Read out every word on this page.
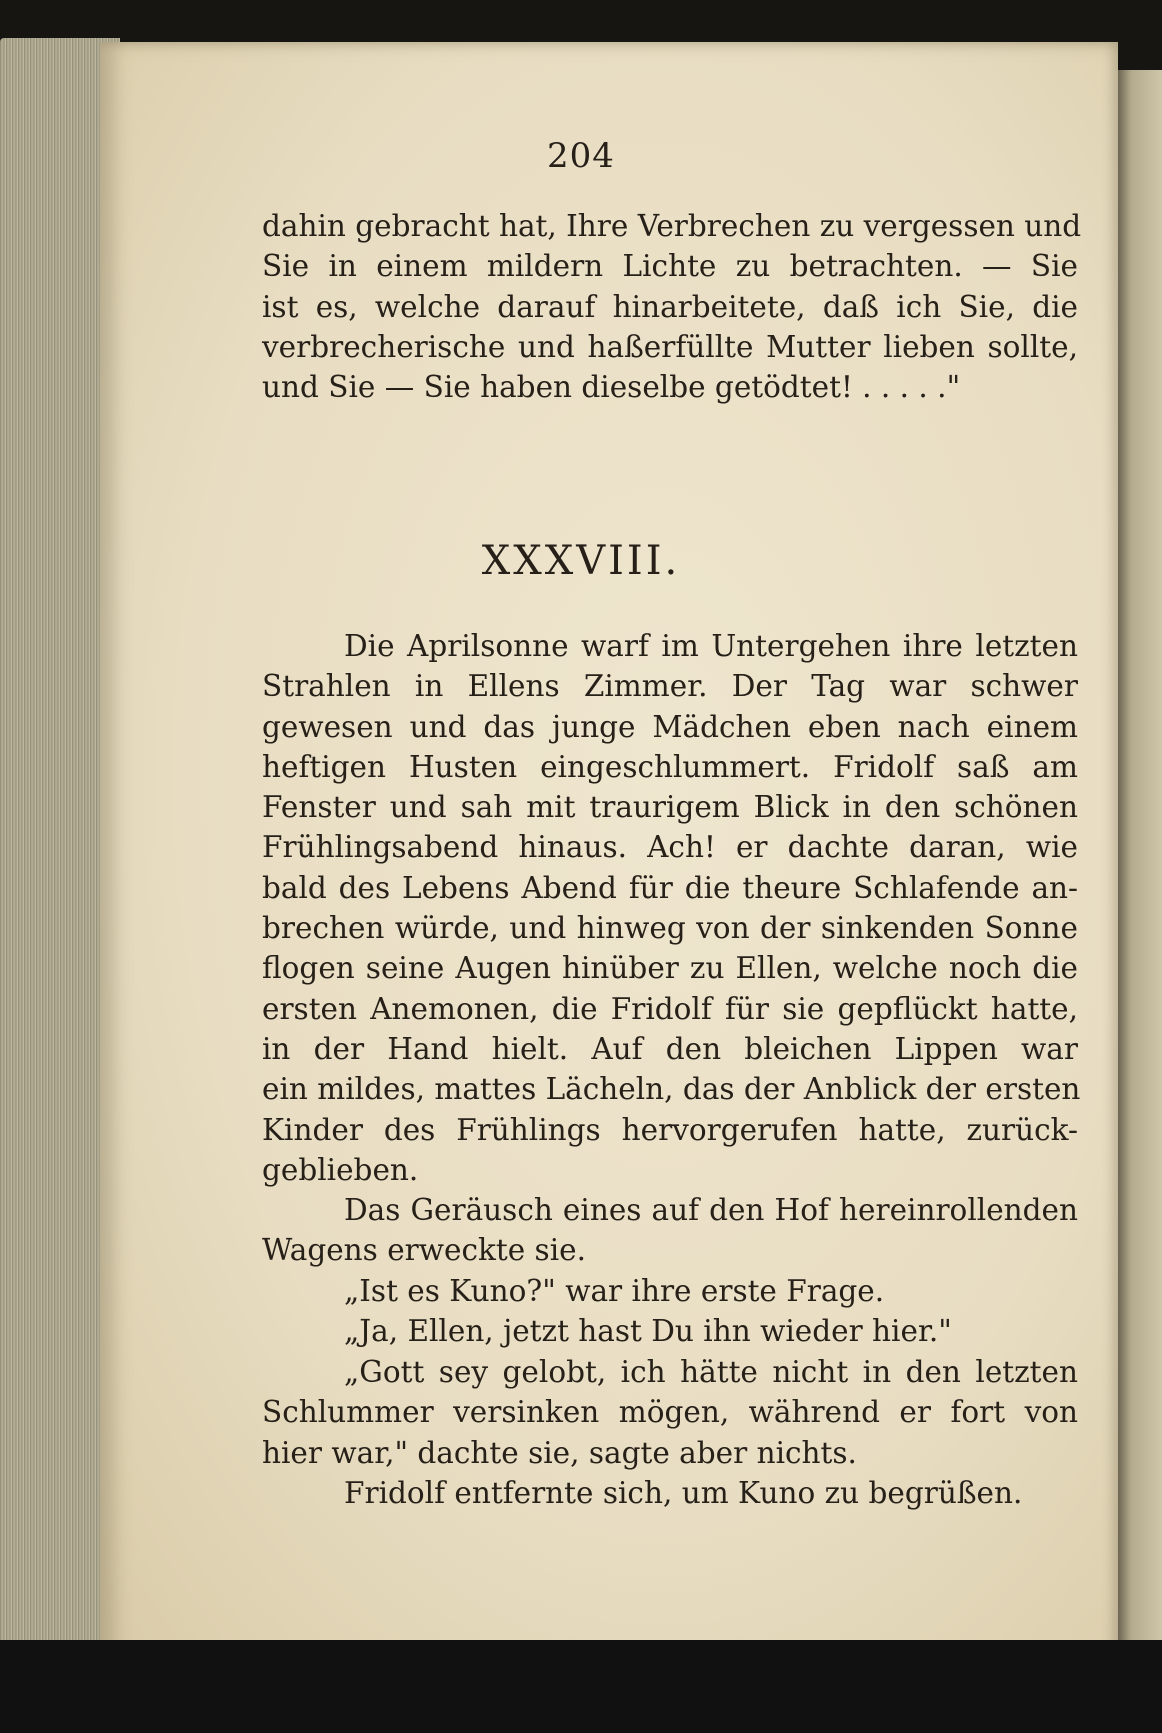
204
dahin gebracht hat, Ihre Verbrechen zu vergessen und
Sie in einem mildern Lichte zu betrachten. — Sie
ist es, welche darauf hinarbeitete, daß ich Sie, die
verbrecherische und haßerfüllte Mutter lieben sollte,
und Sie — Sie haben dieselbe getödtet! . . . . ."
XXXVIII.
Die Aprilsonne warf im Untergehen ihre letzten
Strahlen in Ellens Zimmer. Der Tag war schwer
gewesen und das junge Mädchen eben nach einem
heftigen Husten eingeschlummert. Fridolf saß am
Fenster und sah mit traurigem Blick in den schönen
Frühlingsabend hinaus. Ach! er dachte daran, wie
bald des Lebens Abend für die theure Schlafende an-
brechen würde, und hinweg von der sinkenden Sonne
flogen seine Augen hinüber zu Ellen, welche noch die
ersten Anemonen, die Fridolf für sie gepflückt hatte,
in der Hand hielt. Auf den bleichen Lippen war
ein mildes, mattes Lächeln, das der Anblick der ersten
Kinder des Frühlings hervorgerufen hatte, zurück-
geblieben.
Das Geräusch eines auf den Hof hereinrollenden
Wagens erweckte sie.
„Ist es Kuno?" war ihre erste Frage.
„Ja, Ellen, jetzt hast Du ihn wieder hier."
„Gott sey gelobt, ich hätte nicht in den letzten
Schlummer versinken mögen, während er fort von
hier war," dachte sie, sagte aber nichts.
Fridolf entfernte sich, um Kuno zu begrüßen.
